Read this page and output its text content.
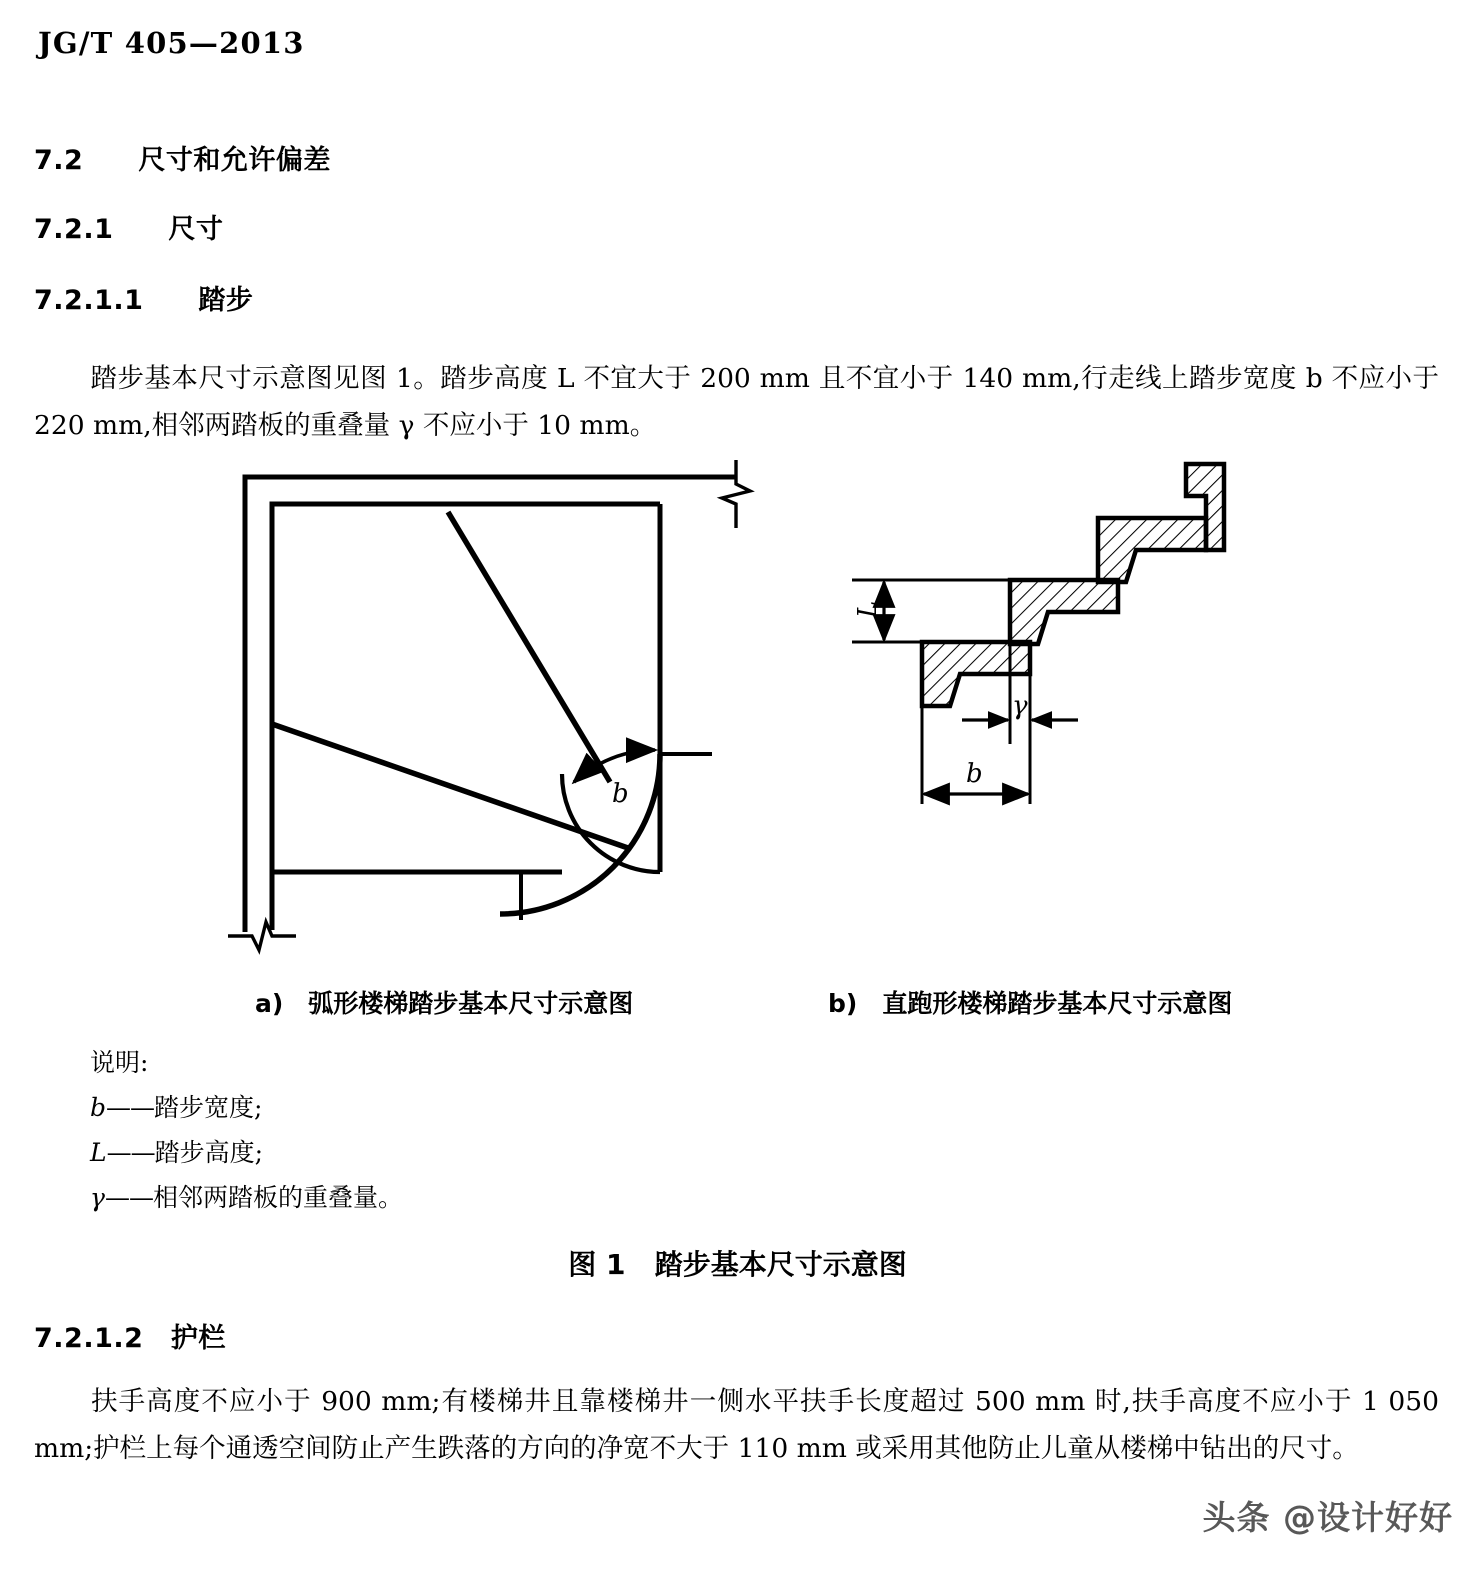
JG/T 405—2013
7.2　　 尺寸和允许偏差
7.2.1　　 尺寸
7.2.1.1　　 踏步
踏步基本尺寸示意图见图 1。踏步高度 L 不宜大于 200 mm 且不宜小于 140 mm,行走线上踏步宽度 b 不应小于 220 mm,相邻两踏板的重叠量 γ 不应小于 10 mm。
b
L
γ
b
a)　弧形楼梯踏步基本尺寸示意图	b)　直跑形楼梯踏步基本尺寸示意图
说明:
b——踏步宽度;
L——踏步高度;
γ——相邻两踏板的重叠量。
图 1   踏步基本尺寸示意图
7.2.1.2　 护栏
扶手高度不应小于 900 mm;有楼梯井且靠楼梯井一侧水平扶手长度超过 500 mm 时,扶手高度不应小于 1 050 mm;护栏上每个通透空间防止产生跌落的方向的净宽不大于 110 mm 或采用其他防止儿童从楼梯中钻出的尺寸。
头条 @设计好好
